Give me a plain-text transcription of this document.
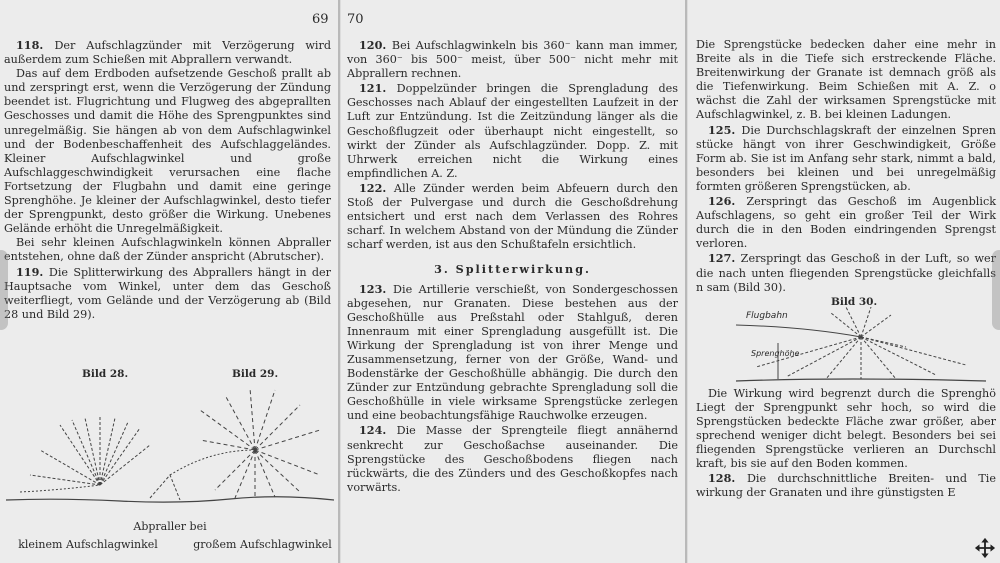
69

118. Der Aufschlagzünder mit Verzögerung wird außerdem zum Schießen mit Abprallern verwandt.

Das auf dem Erdboden aufsetzende Geschoß prallt ab und zerspringt erst, wenn die Verzögerung der Zündung beendet ist. Flugrichtung und Flugweg des abgeprallten Geschosses und damit die Höhe des Sprengpunktes sind unregelmäßig. Sie hängen ab von dem Aufschlagwinkel und der Bodenbeschaffenheit des Aufschlaggeländes. Kleiner Aufschlagwinkel und große Aufschlaggeschwindigkeit verursachen eine flache Fortsetzung der Flugbahn und damit eine geringe Sprenghöhe. Je kleiner der Aufschlagwinkel, desto tiefer der Sprengpunkt, desto größer die Wirkung. Unebenes Gelände erhöht die Unregelmäßigkeit.

Bei sehr kleinen Aufschlagwinkeln können Abpraller entstehen, ohne daß der Zünder anspricht (Abrutscher).

119. Die Splitterwirkung des Abprallers hängt in der Hauptsache vom Winkel, unter dem das Geschoß weiterfliegt, vom Gelände und der Verzögerung ab (Bild 28 und Bild 29).

Bild 28.	Bild 29.
Abpraller bei
kleinem Aufschlagwinkel	großem Aufschlagwinkel
70

120. Bei Aufschlagwinkeln bis 360⁻ kann man immer, von 360⁻ bis 500⁻ meist, über 500⁻ nicht mehr mit Abprallern rechnen.

121. Doppelzünder bringen die Sprengladung des Geschosses nach Ablauf der eingestellten Laufzeit in der Luft zur Entzündung. Ist die Zeitzündung länger als die Geschoßflugzeit oder überhaupt nicht eingestellt, so wirkt der Zünder als Aufschlagzünder. Dopp. Z. mit Uhrwerk erreichen nicht die Wirkung eines empfindlichen A. Z.

122. Alle Zünder werden beim Abfeuern durch den Stoß der Pulvergase und durch die Geschoßdrehung entsichert und erst nach dem Verlassen des Rohres scharf. In welchem Abstand von der Mündung die Zünder scharf werden, ist aus den Schußtafeln ersichtlich.

3. Splitterwirkung.

123. Die Artillerie verschießt, von Sondergeschossen abgesehen, nur Granaten. Diese bestehen aus der Geschoßhülle aus Preßstahl oder Stahlguß, deren Innenraum mit einer Sprengladung ausgefüllt ist. Die Wirkung der Sprengladung ist von ihrer Menge und Zusammensetzung, ferner von der Größe, Wand- und Bodenstärke der Geschoßhülle abhängig. Die durch den Zünder zur Entzündung gebrachte Sprengladung soll die Geschoßhülle in viele wirksame Sprengstücke zerlegen und eine beobachtungsfähige Rauchwolke erzeugen.

124. Die Masse der Sprengteile fliegt annähernd senkrecht zur Geschoßachse auseinander. Die Sprengstücke des Geschoßbodens fliegen nach rückwärts, die des Zünders und des Geschoßkopfes nach vorwärts.

Die Sprengstücke bedecken daher eine mehr in Breite als in die Tiefe sich erstreckende Fläche. Breitenwirkung der Granate ist demnach größ als die Tiefenwirkung. Beim Schießen mit A. Z. o wächst die Zahl der wirksamen Sprengstücke mit Aufschlagwinkel, z. B. bei kleinen Ladungen.

125. Die Durchschlagskraft der einzelnen Spren stücke hängt von ihrer Geschwindigkeit, Größe Form ab. Sie ist im Anfang sehr stark, nimmt a bald, besonders bei kleinen und bei unregelmäßig formten größeren Sprengstücken, ab.

126. Zerspringt das Geschoß im Augenblick Aufschlagens, so geht ein großer Teil der Wirk durch die in den Boden eindringenden Sprengst verloren.

127. Zerspringt das Geschoß in der Luft, so wer die nach unten fliegenden Sprengstücke gleichfalls n sam (Bild 30).

Bild 30.
Flugbahn
Sprenghöhe

Die Wirkung wird begrenzt durch die Sprenghö Liegt der Sprengpunkt sehr hoch, so wird die Sprengstücken bedeckte Fläche zwar größer, aber sprechend weniger dicht belegt. Besonders bei sei fliegenden Sprengstücke verlieren an Durchschl kraft, bis sie auf den Boden kommen.

128. Die durchschnittliche Breiten- und Tie wirkung der Granaten und ihre günstigsten E
